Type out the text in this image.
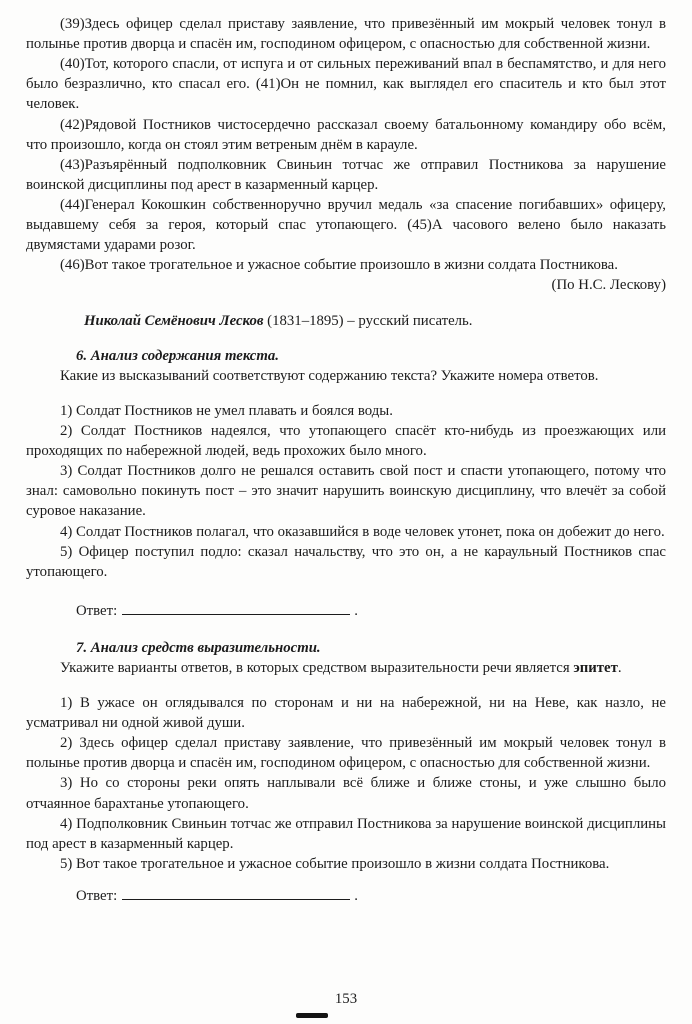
(39)Здесь офицер сделал приставу заявление, что привезённый им мокрый человек тонул в полынье против дворца и спасён им, господином офицером, с опасностью для собственной жизни.

(40)Тот, которого спасли, от испуга и от сильных переживаний впал в беспамятство, и для него было безразлично, кто спасал его. (41)Он не помнил, как выглядел его спаситель и кто был этот человек.

(42)Рядовой Постников чистосердечно рассказал своему батальонному командиру обо всём, что произошло, когда он стоял этим ветреным днём в карауле.

(43)Разъярённый подполковник Свиньин тотчас же отправил Постникова за нарушение воинской дисциплины под арест в казарменный карцер.

(44)Генерал Кокошкин собственноручно вручил медаль «за спасение погибавших» офицеру, выдавшему себя за героя, который спас утопающего. (45)А часового велено было наказать двумястами ударами розог.

(46)Вот такое трогательное и ужасное событие произошло в жизни солдата Постникова.

(По Н.С. Лескову)

Николай Семёнович Лесков (1831–1895) – русский писатель.

6. Анализ содержания текста.

Какие из высказываний соответствуют содержанию текста? Укажите номера ответов.

1) Солдат Постников не умел плавать и боялся воды.

2) Солдат Постников надеялся, что утопающего спасёт кто-нибудь из проезжающих или проходящих по набережной людей, ведь прохожих было много.

3) Солдат Постников долго не решался оставить свой пост и спасти утопающего, потому что знал: самовольно покинуть пост – это значит нарушить воинскую дисциплину, что влечёт за собой суровое наказание.

4) Солдат Постников полагал, что оказавшийся в воде человек утонет, пока он добежит до него.

5) Офицер поступил подло: сказал начальству, что это он, а не караульный Постников спас утопающего.

Ответ:	.

7. Анализ средств выразительности.

Укажите варианты ответов, в которых средством выразительности речи является эпитет.

1) В ужасе он оглядывался по сторонам и ни на набережной, ни на Неве, как назло, не усматривал ни одной живой души.

2) Здесь офицер сделал приставу заявление, что привезённый им мокрый человек тонул в полынье против дворца и спасён им, господином офицером, с опасностью для собственной жизни.

3) Но со стороны реки опять наплывали всё ближе и ближе стоны, и уже слышно было отчаянное барахтанье утопающего.

4) Подполковник Свиньин тотчас же отправил Постникова за нарушение воинской дисциплины под арест в казарменный карцер.

5) Вот такое трогательное и ужасное событие произошло в жизни солдата Постникова.

Ответ:	.

153
